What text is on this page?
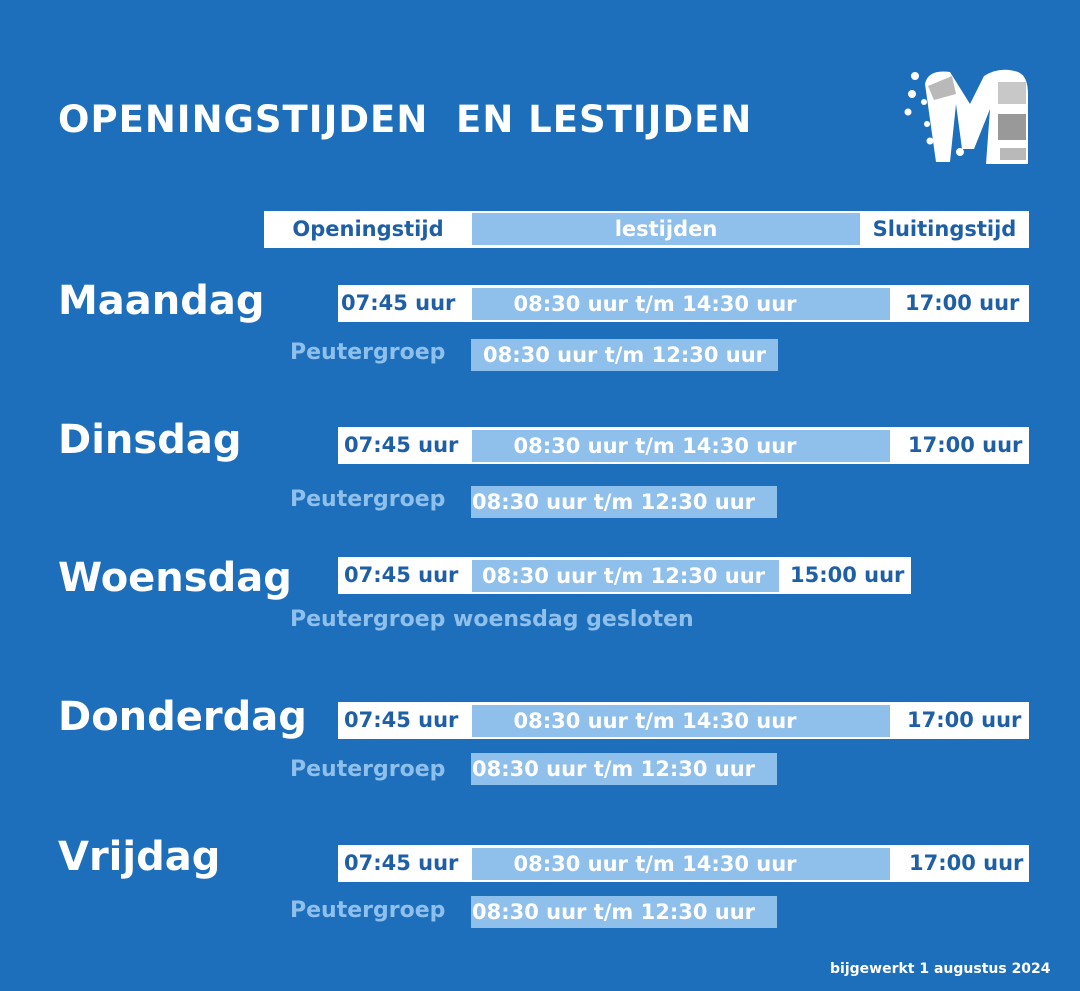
OPENINGSTIJDEN  EN LESTIJDEN
Openingstijd	lestijden	Sluitingstijd
Maandag	07:45 uur	08:30 uur t/m 14:30 uur	17:00 uur
Peutergroep 08:30 uur t/m 12:30 uur
Dinsdag	07:45 uur	08:30 uur t/m 14:30 uur	17:00 uur
Peutergroep 08:30 uur t/m 12:30 uur
Woensdag 07:45 uur 08:30 uur t/m 12:30 uur 15:00 uur
Peutergroep woensdag gesloten
Donderdag 07:45 uur	08:30 uur t/m 14:30 uur	17:00 uur
Peutergroep 08:30 uur t/m 12:30 uur
Vrijdag	07:45 uur	08:30 uur t/m 14:30 uur	17:00 uur
Peutergroep 08:30 uur t/m 12:30 uur
bijgewerkt 1 augustus 2024
